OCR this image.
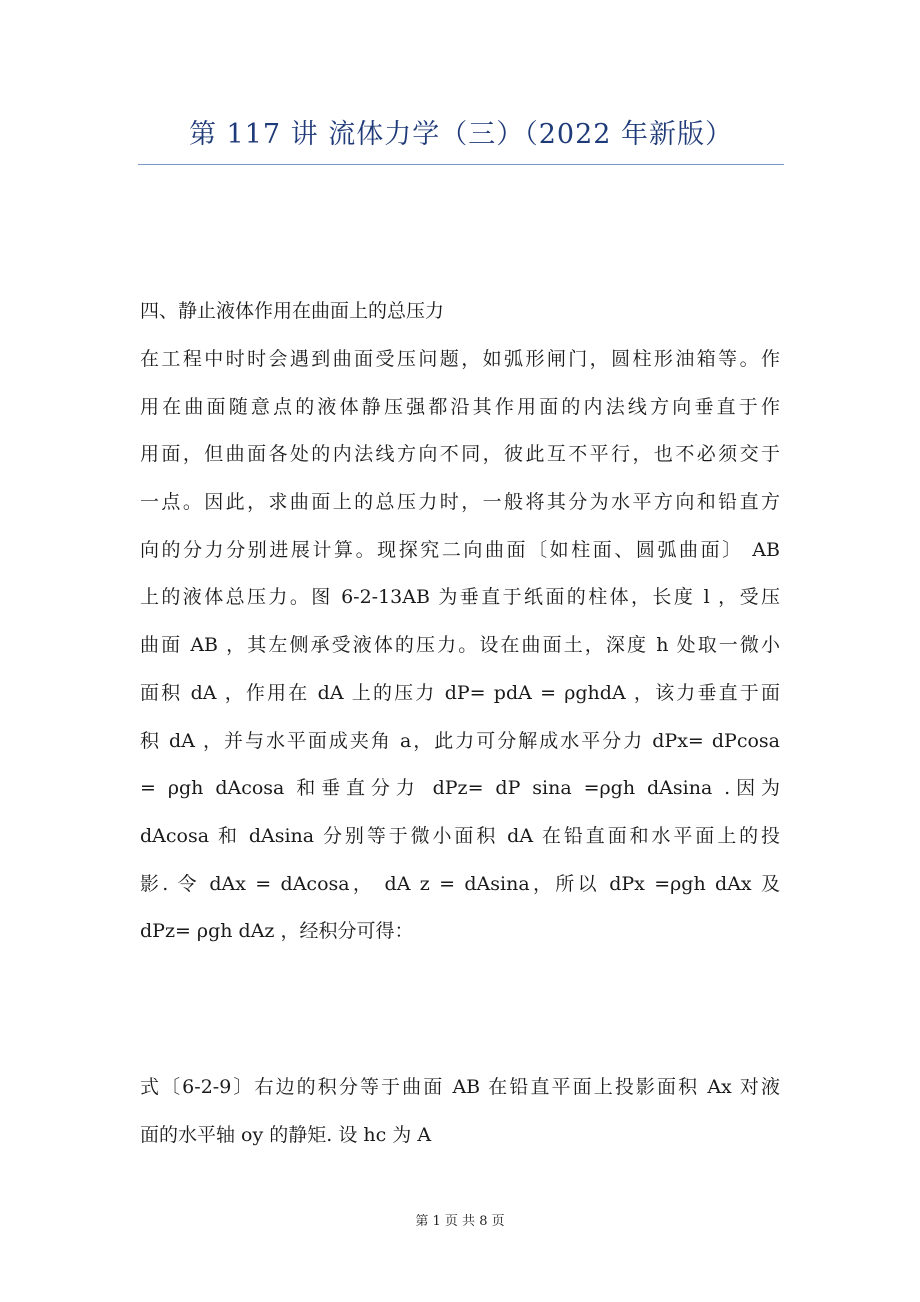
第 117 讲 流体力学（三）（2022 年新版）
四、静止液体作用在曲面上的总压力
在工程中时时会遇到曲面受压问题，如弧形闸门，圆柱形油箱等。作
用在曲面随意点的液体静压强都沿其作用面的内法线方向垂直于作
用面，但曲面各处的内法线方向不同，彼此互不平行，也不必须交于
一点。因此，求曲面上的总压力时，一般将其分为水平方向和铅直方
向的分力分别进展计算。现探究二向曲面〔如柱面、圆弧曲面〕 AB
上的液体总压力。图 6-2-13AB 为垂直于纸面的柱体，长度 l ，受压
曲面 AB ，其左侧承受液体的压力。设在曲面土，深度 h 处取一微小
面积 dA ，作用在 dA 上的压力 dP= pdA = ρghdA ，该力垂直于面
积 dA ，并与水平面成夹角 a，此力可分解成水平分力 dPx= dPcosa
= ρgh dAcosa 和垂直分力 dPz= dP sina =ρgh dAsina .因为
dAcosa 和 dAsina 分别等于微小面积 dA 在铅直面和水平面上的投
影. 令 dAx = dAcosa， dA z = dAsina，所以 dPx =ρgh dAx 及
dPz= ρgh dAz ，经积分可得：
式〔6-2-9〕右边的积分等于曲面 AB 在铅直平面上投影面积 Ax 对液
面的水平轴 oy 的静矩. 设 hc 为 A
第 1 页 共 8 页
